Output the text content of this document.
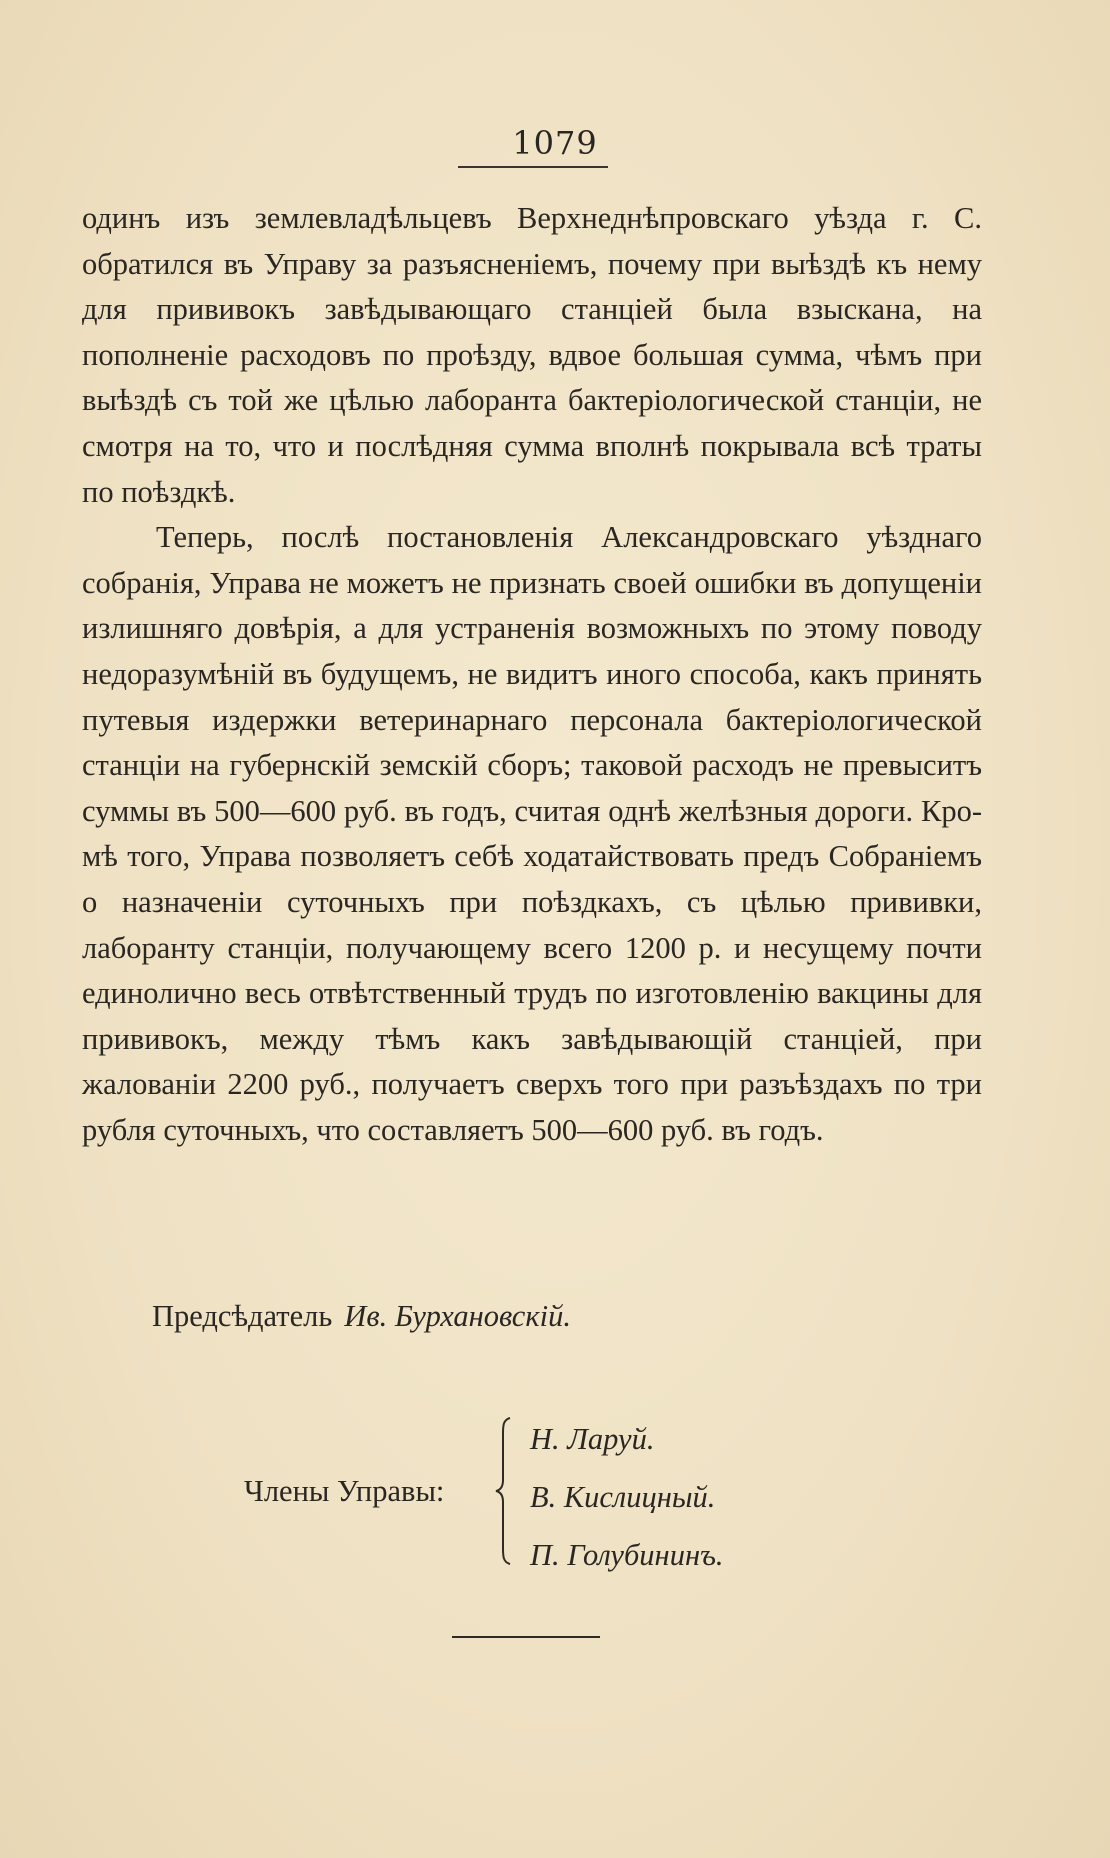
1079

одинъ изъ землевладѣльцевъ Верхнеднѣпровскаго уѣзда г. С. обратился въ Управу за разъясненіемъ, почему при выѣздѣ къ нему для прививокъ завѣдывающаго станціей была взыскана, на пополненіе расходовъ по проѣзду, вдвое большая сумма, чѣмъ при выѣздѣ съ той же цѣлью лаборанта бактеріологической станціи, не смотря на то, что и послѣдняя сумма вполнѣ покрывала всѣ траты по поѣздкѣ.

Теперь, послѣ постановленія Александровскаго уѣзднаго собранія, Управа не можетъ не признать своей ошибки въ допущеніи излишняго довѣрія, а для устраненія возможныхъ по этому поводу недоразумѣній въ будущемъ, не видитъ иного способа, какъ принять путевыя издержки ветеринарнаго персонала бактеріологической станціи на губернскій земскій сборъ; таковой расходъ не превыситъ суммы въ 500—600 руб. въ годъ, считая однѣ желѣзныя дороги. Кромѣ того, Управа позволяетъ себѣ ходатайствовать предъ Собраніемъ о назначеніи суточныхъ при поѣздкахъ, съ цѣлью прививки, лаборанту станціи, получающему всего 1200 р. и несущему почти единолично весь отвѣтственный трудъ по изготовленію вакцины для прививокъ, между тѣмъ какъ завѣдывающій станціей, при жалованіи 2200 руб., получаетъ сверхъ того при разъѣздахъ по три рубля суточныхъ, что составляетъ 500—600 руб. въ годъ.

Предсѣдатель Ив. Бурхановскій.
Члены Управы:
Н. Ларуй.
В. Кислицный.
П. Голубининъ.
